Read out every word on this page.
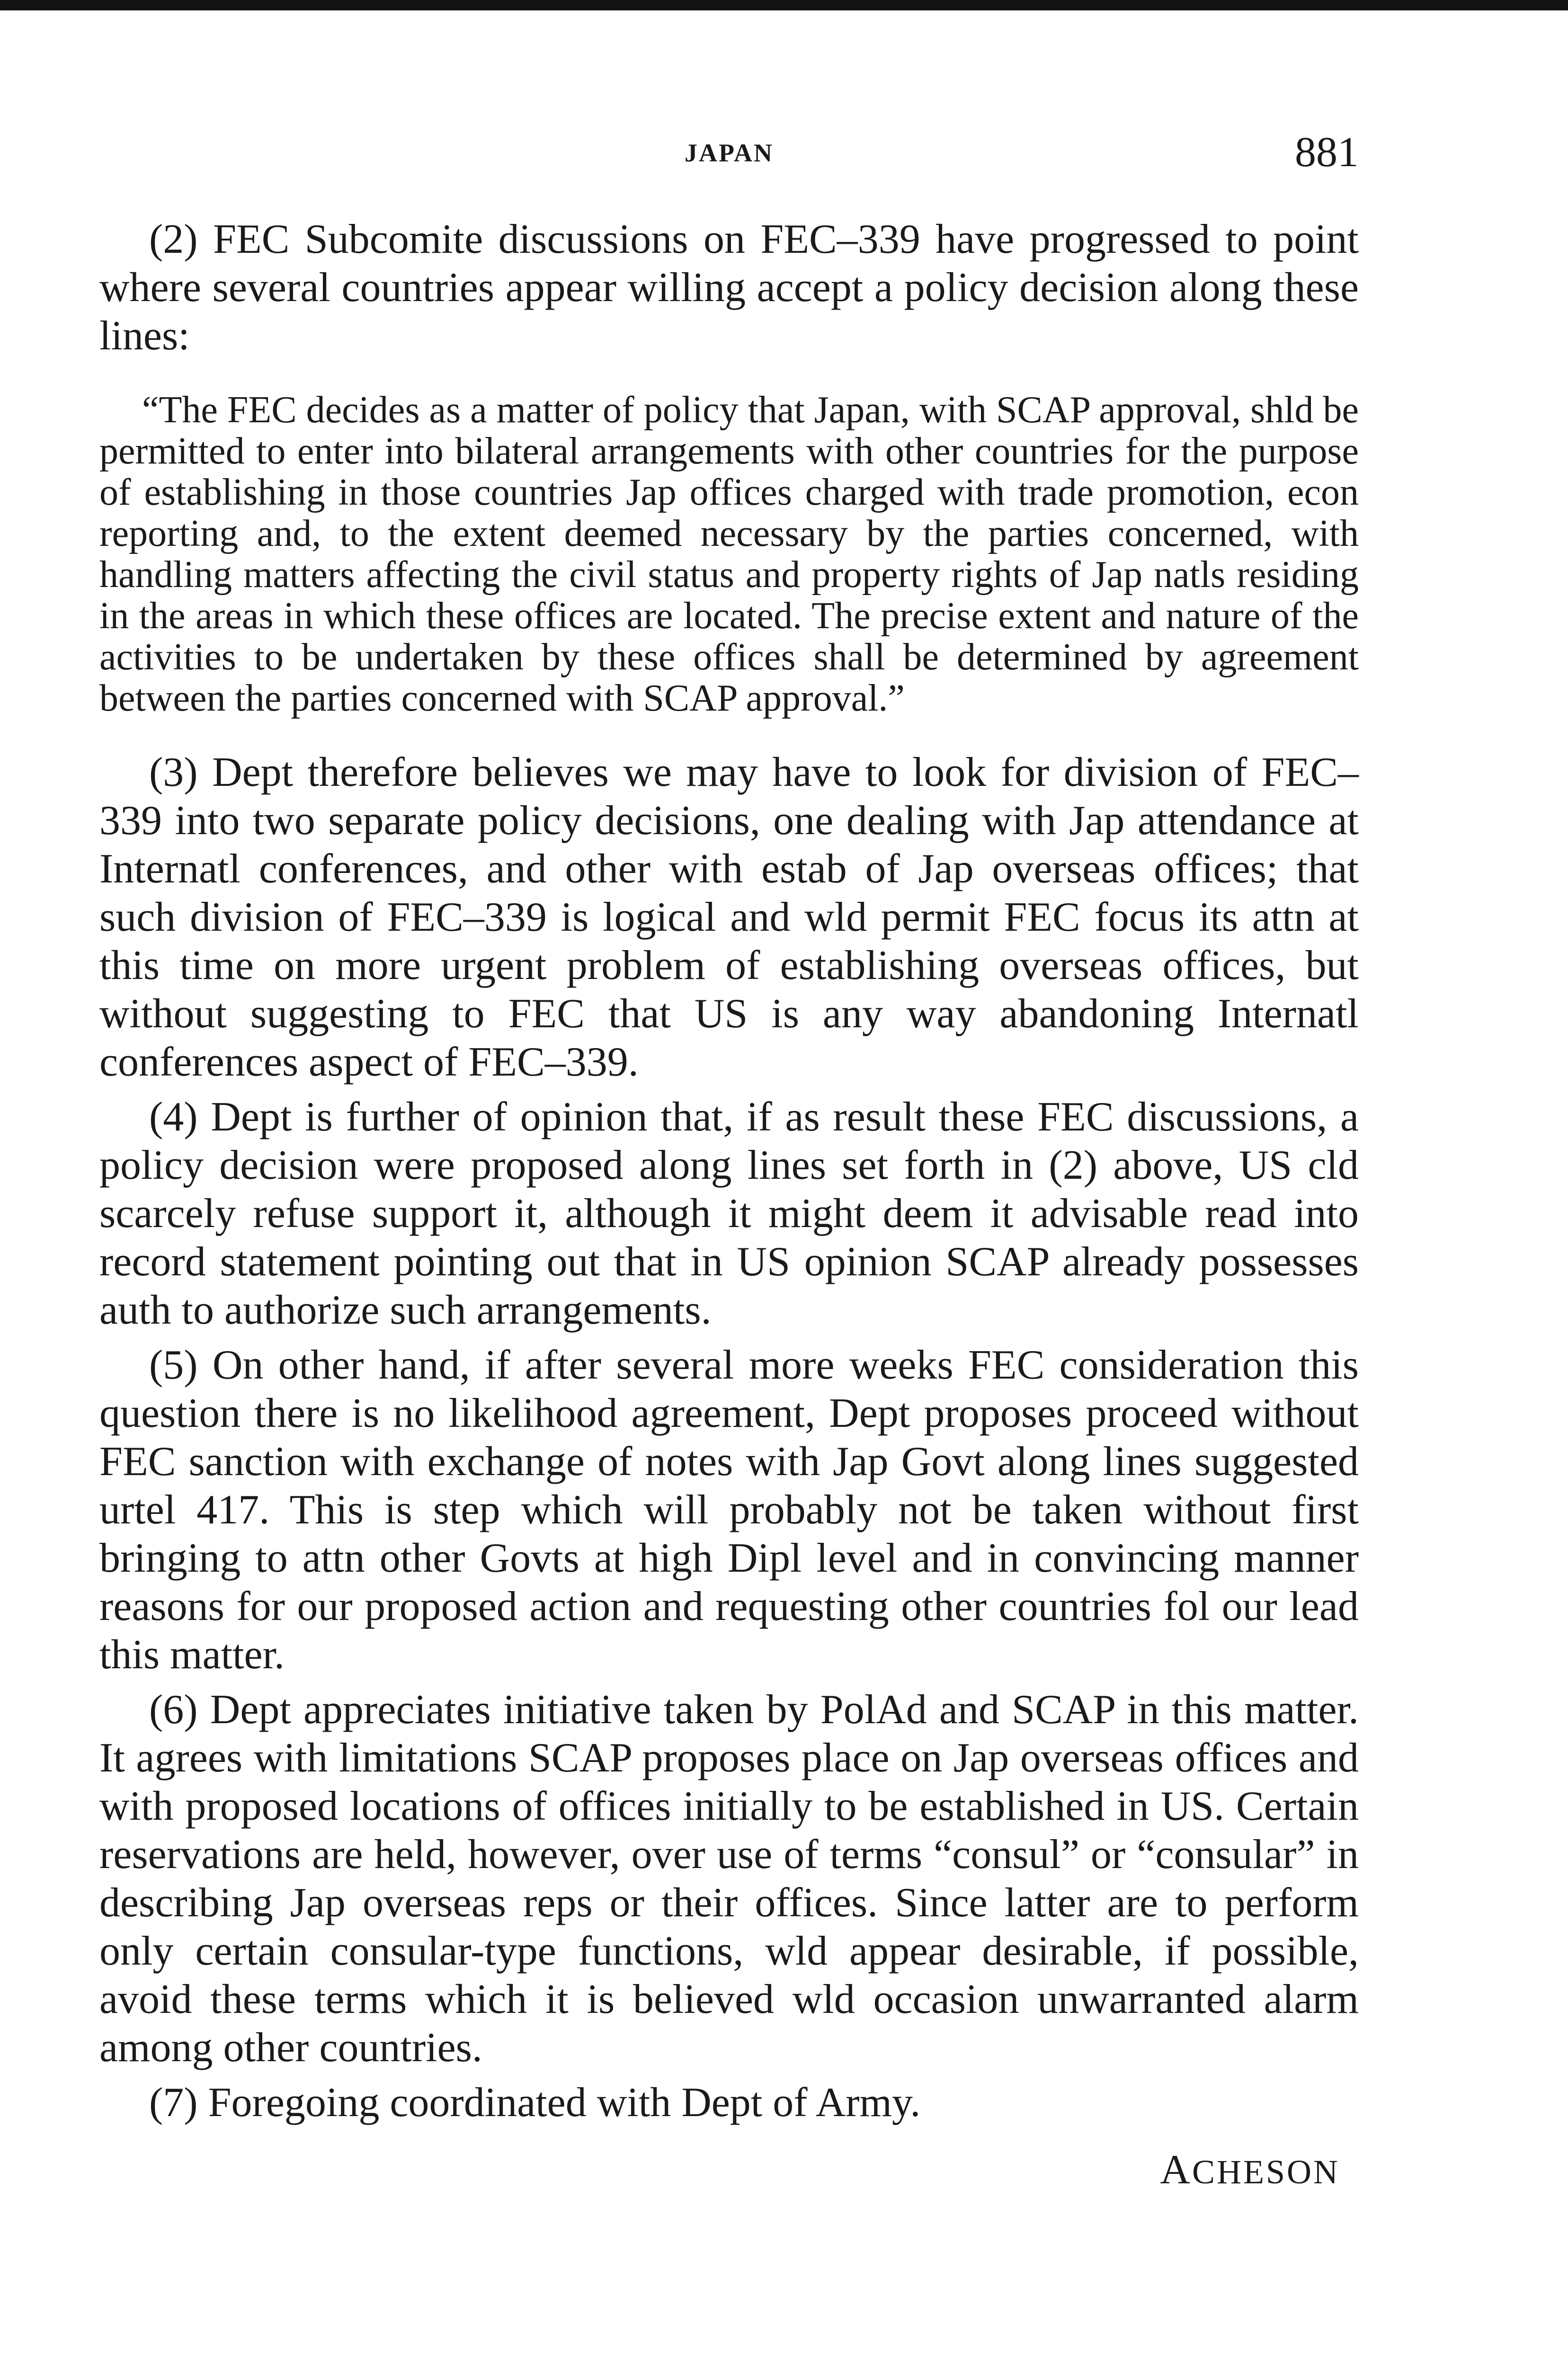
JAPAN	881

(2) FEC Subcomite discussions on FEC–339 have progressed to point where several countries appear willing accept a policy decision along these lines:

“The FEC decides as a matter of policy that Japan, with SCAP approval, shld be permitted to enter into bilateral arrangements with other countries for the purpose of establishing in those countries Jap offices charged with trade promotion, econ reporting and, to the extent deemed necessary by the parties concerned, with handling matters affecting the civil status and property rights of Jap natls residing in the areas in which these offices are located. The precise extent and nature of the activities to be undertaken by these offices shall be determined by agreement between the parties concerned with SCAP approval.”

(3) Dept therefore believes we may have to look for division of FEC–339 into two separate policy decisions, one dealing with Jap attendance at Internatl conferences, and other with estab of Jap overseas offices; that such division of FEC–339 is logical and wld permit FEC focus its attn at this time on more urgent problem of establishing overseas offices, but without suggesting to FEC that US is any way abandoning Internatl conferences aspect of FEC–339.

(4) Dept is further of opinion that, if as result these FEC discussions, a policy decision were proposed along lines set forth in (2) above, US cld scarcely refuse support it, although it might deem it advisable read into record statement pointing out that in US opinion SCAP already possesses auth to authorize such arrangements.

(5) On other hand, if after several more weeks FEC consideration this question there is no likelihood agreement, Dept proposes proceed without FEC sanction with exchange of notes with Jap Govt along lines suggested urtel 417. This is step which will probably not be taken without first bringing to attn other Govts at high Dipl level and in convincing manner reasons for our proposed action and requesting other countries fol our lead this matter.

(6) Dept appreciates initiative taken by PolAd and SCAP in this matter. It agrees with limitations SCAP proposes place on Jap overseas offices and with proposed locations of offices initially to be established in US. Certain reservations are held, however, over use of terms “consul” or “consular” in describing Jap overseas reps or their offices. Since latter are to perform only certain consular-type functions, wld appear desirable, if possible, avoid these terms which it is believed wld occasion unwarranted alarm among other countries.

(7) Foregoing coordinated with Dept of Army.

ACHESON
